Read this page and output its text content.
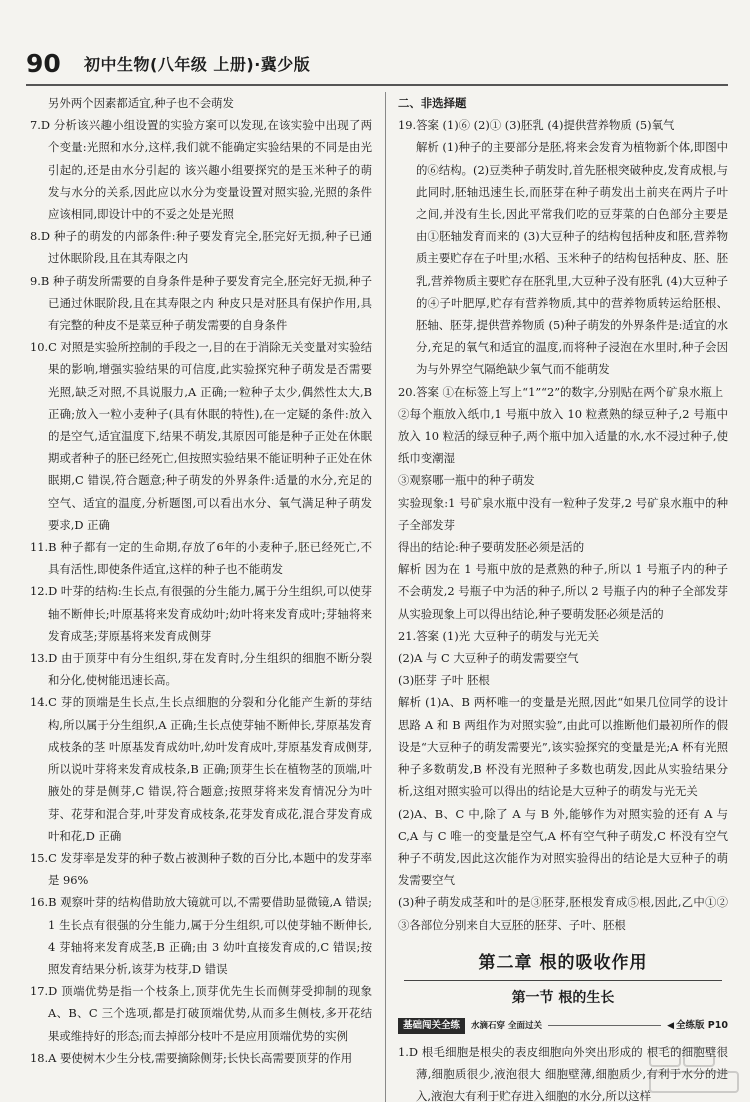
90 初中生物(八年级 上册)·冀少版
另外两个因素都适宜,种子也不会萌发
7.D 分析该兴趣小组设置的实验方案可以发现,在该实验中出现了两个变量:光照和水分,这样,我们就不能确定实验结果的不同是由光引起的,还是由水分引起的 该兴趣小组要探究的是玉米种子的萌发与水分的关系,因此应以水分为变量设置对照实验,光照的条件应该相同,即设计中的不妥之处是光照
8.D 种子的萌发的内部条件:种子要发育完全,胚完好无损,种子已通过休眠阶段,且在其寿限之内
9.B 种子萌发所需要的自身条件是种子要发育完全,胚完好无损,种子已通过休眠阶段,且在其寿限之内 种皮只是对胚具有保护作用,具有完整的种皮不是菜豆种子萌发需要的自身条件
10.C 对照是实验所控制的手段之一,目的在于消除无关变量对实验结果的影响,增强实验结果的可信度,此实验探究种子萌发是否需要光照,缺乏对照,不具说服力,A 正确;一粒种子太少,偶然性太大,B 正确;放入一粒小麦种子(具有休眠的特性),在一定疑的条件:放入的是空气,适宜温度下,结果不萌发,其原因可能是种子正处在休眠期或者种子的胚已经死亡,但按照实验结果不能证明种子正处在休眠期,C 错误,符合题意;种子萌发的外界条件:适量的水分,充足的空气、适宜的温度,分析题图,可以看出水分、氧气满足种子萌发要求,D 正确
11.B 种子都有一定的生命期,存放了6年的小麦种子,胚已经死亡,不具有活性,即使条件适宜,这样的种子也不能萌发
12.D 叶芽的结构:生长点,有很强的分生能力,属于分生组织,可以使芽轴不断伸长;叶原基将来发育成幼叶;幼叶将来发育成叶;芽轴将来发育成茎;芽原基将来发育成侧芽
13.D 由于顶芽中有分生组织,芽在发育时,分生组织的细胞不断分裂和分化,使树能迅速长高。
14.C 芽的顶端是生长点,生长点细胞的分裂和分化能产生新的芽结构,所以属于分生组织,A 正确;生长点使芽轴不断伸长,芽原基发育成枝条的茎 叶原基发育成幼叶,幼叶发育成叶,芽原基发育成侧芽,所以说叶芽将来发育成枝条,B 正确;顶芽生长在植物茎的顶端,叶腋处的芽是侧芽,C 错误,符合题意;按照芽将来发育情况分为叶芽、花芽和混合芽,叶芽发育成枝条,花芽发育成花,混合芽发育成叶和花,D 正确
15.C 发芽率是发芽的种子数占被测种子数的百分比,本题中的发芽率是 96%
16.B 观察叶芽的结构借助放大镜就可以,不需要借助显微镜,A 错误;1 生长点有很强的分生能力,属于分生组织,可以使芽轴不断伸长,4 芽轴将来发育成茎,B 正确;由 3 幼叶直接发育成的,C 错误;按照发育结果分析,该芽为枝芽,D 错误
17.D 顶端优势是指一个枝条上,顶芽优先生长而侧芽受抑制的现象 A、B、C 三个选项,都是打破顶端优势,从而多生侧枝,多开花结果或维持好的形态;而去掉部分枝叶不是应用顶端优势的实例
18.A 要使树木少生分枝,需要摘除侧芽;长快长高需要顶芽的作用
二、非选择题
19.答案 (1)⑥ (2)① (3)胚乳 (4)提供营养物质 (5)氧气
解析 (1)种子的主要部分是胚,将来会发育为植物新个体,即图中的⑥结构。(2)豆类种子萌发时,首先胚根突破种皮,发育成根,与此同时,胚轴迅速生长,而胚芽在种子萌发出土前夹在两片子叶之间,并没有生长,因此平常我们吃的豆芽菜的白色部分主要是由①胚轴发育而来的 (3)大豆种子的结构包括种皮和胚,营养物质主要贮存在子叶里;水稻、玉米种子的结构包括种皮、胚、胚乳,营养物质主要贮存在胚乳里,大豆种子没有胚乳 (4)大豆种子的④子叶肥厚,贮存有营养物质,其中的营养物质转运给胚根、胚轴、胚芽,提供营养物质 (5)种子萌发的外界条件是:适宜的水分,充足的氧气和适宜的温度,而将种子浸泡在水里时,种子会因为与外界空气隔绝缺少氧气而不能萌发
20.答案 ①在标签上写上“1”“2”的数字,分别贴在两个矿泉水瓶上
②每个瓶放入纸巾,1 号瓶中放入 10 粒煮熟的绿豆种子,2 号瓶中放入 10 粒活的绿豆种子,两个瓶中加入适量的水,水不浸过种子,使纸巾变潮湿
③观察哪一瓶中的种子萌发
实验现象:1 号矿泉水瓶中没有一粒种子发芽,2 号矿泉水瓶中的种子全部发芽
得出的结论:种子要萌发胚必须是活的
解析 因为在 1 号瓶中放的是煮熟的种子,所以 1 号瓶子内的种子不会萌发,2 号瓶子中为活的种子,所以 2 号瓶子内的种子全部发芽 从实验现象上可以得出结论,种子要萌发胚必须是活的
21.答案 (1)光 大豆种子的萌发与光无关
(2)A 与 C 大豆种子的萌发需要空气
(3)胚芽 子叶 胚根
解析 (1)A、B 两杯唯一的变量是光照,因此“如果几位同学的设计思路 A 和 B 两组作为对照实验”,由此可以推断他们最初所作的假设是“大豆种子的萌发需要光”,该实验探究的变量是光;A 杯有光照种子多数萌发,B 杯没有光照种子多数也萌发,因此从实验结果分析,这组对照实验可以得出的结论是大豆种子的萌发与光无关
(2)A、B、C 中,除了 A 与 B 外,能够作为对照实验的还有 A 与 C,A 与 C 唯一的变量是空气,A 杯有空气种子萌发,C 杯没有空气种子不萌发,因此这次能作为对照实验得出的结论是大豆种子的萌发需要空气
(3)种子萌发成茎和叶的是③胚芽,胚根发育成⑤根,因此,乙中①②③各部位分别来自大豆胚的胚芽、子叶、胚根
第二章 根的吸收作用
第一节 根的生长
基础闯关全练	水滴石穿 全面过关	◀ 全练版 P10
1.D 根毛细胞是根尖的表皮细胞向外突出形成的 根毛的细胞壁很薄,细胞质很少,液泡很大 细胞壁薄,细胞质少,有利于水分的进入,液泡大有利于贮存进入细胞的水分,所以这样
